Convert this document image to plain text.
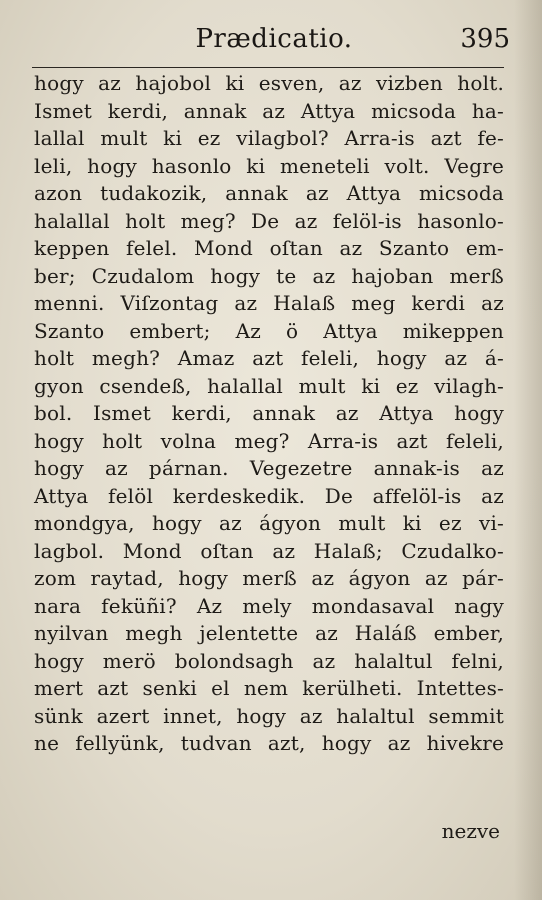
Prædicatio.	395
hogy az hajobol ki esven, az vizben holt.
Ismet kerdi, annak az Attya micsoda ha-
lallal mult ki ez vilagbol? Arra-is azt fe-
leli, hogy hasonlo ki meneteli volt. Vegre
azon tudakozik, annak az Attya micsoda
halallal holt meg? De az felöl-is hasonlo-
keppen felel. Mond oſtan az Szanto em-
ber; Czudalom hogy te az hajoban merß
menni. Viſzontag az Halaß meg kerdi az
Szanto embert; Az ö Attya mikeppen
holt megh? Amaz azt feleli, hogy az á-
gyon csendeß, halallal mult ki ez vilagh-
bol. Ismet kerdi, annak az Attya hogy
hogy holt volna meg? Arra-is azt feleli,
hogy az párnan. Vegezetre annak-is az
Attya felöl kerdeskedik. De affelöl-is az
mondgya, hogy az ágyon mult ki ez vi-
lagbol. Mond oſtan az Halaß; Czudalko-
zom raytad, hogy merß az ágyon az pár-
nara feküñi? Az mely mondasaval nagy
nyilvan megh jelentette az Haláß ember,
hogy merö bolondsagh az halaltul felni,
mert azt senki el nem kerülheti. Intettes-
sünk azert innet, hogy az halaltul semmit
ne fellyünk, tudvan azt, hogy az hivekre
nezve
